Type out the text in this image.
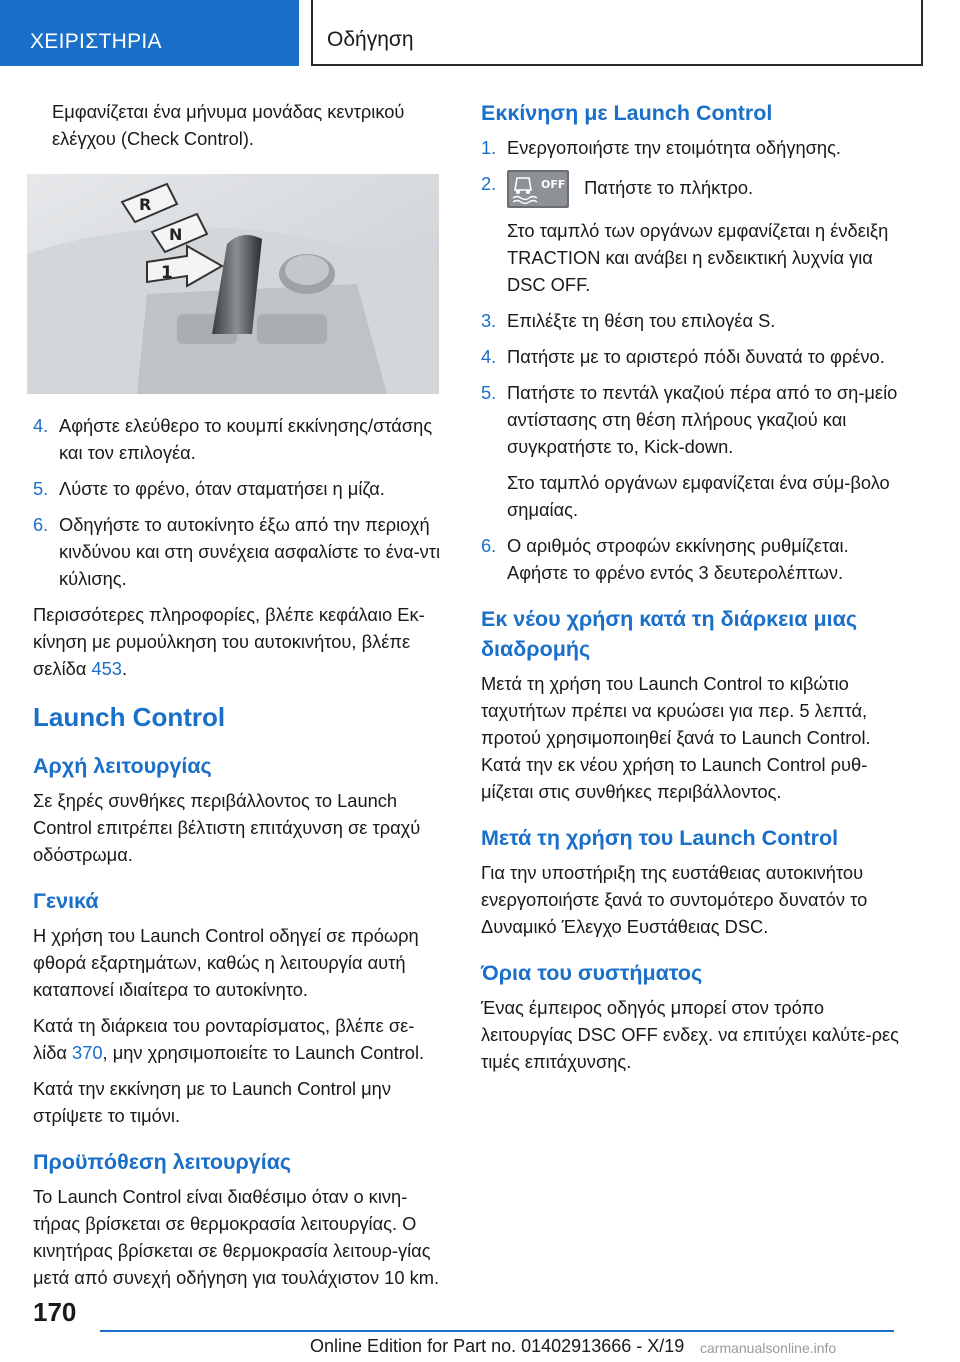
ΧΕΙΡΙΣΤΗΡΙΑ	Οδήγηση

Εμφανίζεται ένα μήνυμα μονάδας κεντρικού ελέγχου (Check Control).

R
N
1
4. Αφήστε ελεύθερο το κουμπί εκκίνησης/στάσης και τον επιλογέα.
5. Λύστε το φρένο, όταν σταματήσει η μίζα.
6. Οδηγήστε το αυτοκίνητο έξω από την περιοχή κινδύνου και στη συνέχεια ασφαλίστε το ένα-ντι κύλισης.

Περισσότερες πληροφορίες, βλέπε κεφάλαιο Εκ-κίνηση με ρυμούλκηση του αυτοκινήτου, βλέπε σελίδα 453.

Launch Control
Αρχή λειτουργίας

Σε ξηρές συνθήκες περιβάλλοντος το Launch Control επιτρέπει βέλτιστη επιτάχυνση σε τραχύ οδόστρωμα.

Γενικά

Η χρήση του Launch Control οδηγεί σε πρόωρη φθορά εξαρτημάτων, καθώς η λειτουργία αυτή καταπονεί ιδιαίτερα το αυτοκίνητο.

Κατά τη διάρκεια του ρονταρίσματος, βλέπε σε-λίδα 370, μην χρησιμοποιείτε το Launch Control.

Κατά την εκκίνηση με το Launch Control μην στρίψετε το τιμόνι.

Προϋπόθεση λειτουργίας

Το Launch Control είναι διαθέσιμο όταν ο κινη-τήρας βρίσκεται σε θερμοκρασία λειτουργίας. Ο κινητήρας βρίσκεται σε θερμοκρασία λειτουρ-γίας μετά από συνεχή οδήγηση για τουλάχιστον 10 km.

Εκκίνηση με Launch Control
1. Ενεργοποιήστε την ετοιμότητα οδήγησης.
2.	OFF Πατήστε το πλήκτρο.
Στο ταμπλό των οργάνων εμφανίζεται η ένδειξη TRACTION και ανάβει η ενδεικτική λυχνία για DSC OFF.
3. Επιλέξτε τη θέση του επιλογέα S.
4. Πατήστε με το αριστερό πόδι δυνατά το φρένο.
5. Πατήστε το πεντάλ γκαζιού πέρα από το ση-μείο αντίστασης στη θέση πλήρους γκαζιού και συγκρατήστε το, Kick-down.
Στο ταμπλό οργάνων εμφανίζεται ένα σύμ-βολο σημαίας.
6. Ο αριθμός στροφών εκκίνησης ρυθμίζεται. Αφήστε το φρένο εντός 3 δευτερολέπτων.
Εκ νέου χρήση κατά τη διάρκεια μιας διαδρομής

Μετά τη χρήση του Launch Control το κιβώτιο ταχυτήτων πρέπει να κρυώσει για περ. 5 λεπτά, προτού χρησιμοποιηθεί ξανά το Launch Control. Κατά την εκ νέου χρήση το Launch Control ρυθ-μίζεται στις συνθήκες περιβάλλοντος.

Μετά τη χρήση του Launch Control

Για την υποστήριξη της ευστάθειας αυτοκινήτου ενεργοποιήστε ξανά το συντομότερο δυνατόν το Δυναμικό Έλεγχο Ευστάθειας DSC.

Όρια του συστήματος

Ένας έμπειρος οδηγός μπορεί στον τρόπο λειτουργίας DSC OFF ενδεχ. να επιτύχει καλύτε-ρες τιμές επιτάχυνσης.

170
Online Edition for Part no. 01402913666 - X/19 carmanualsonline.info
